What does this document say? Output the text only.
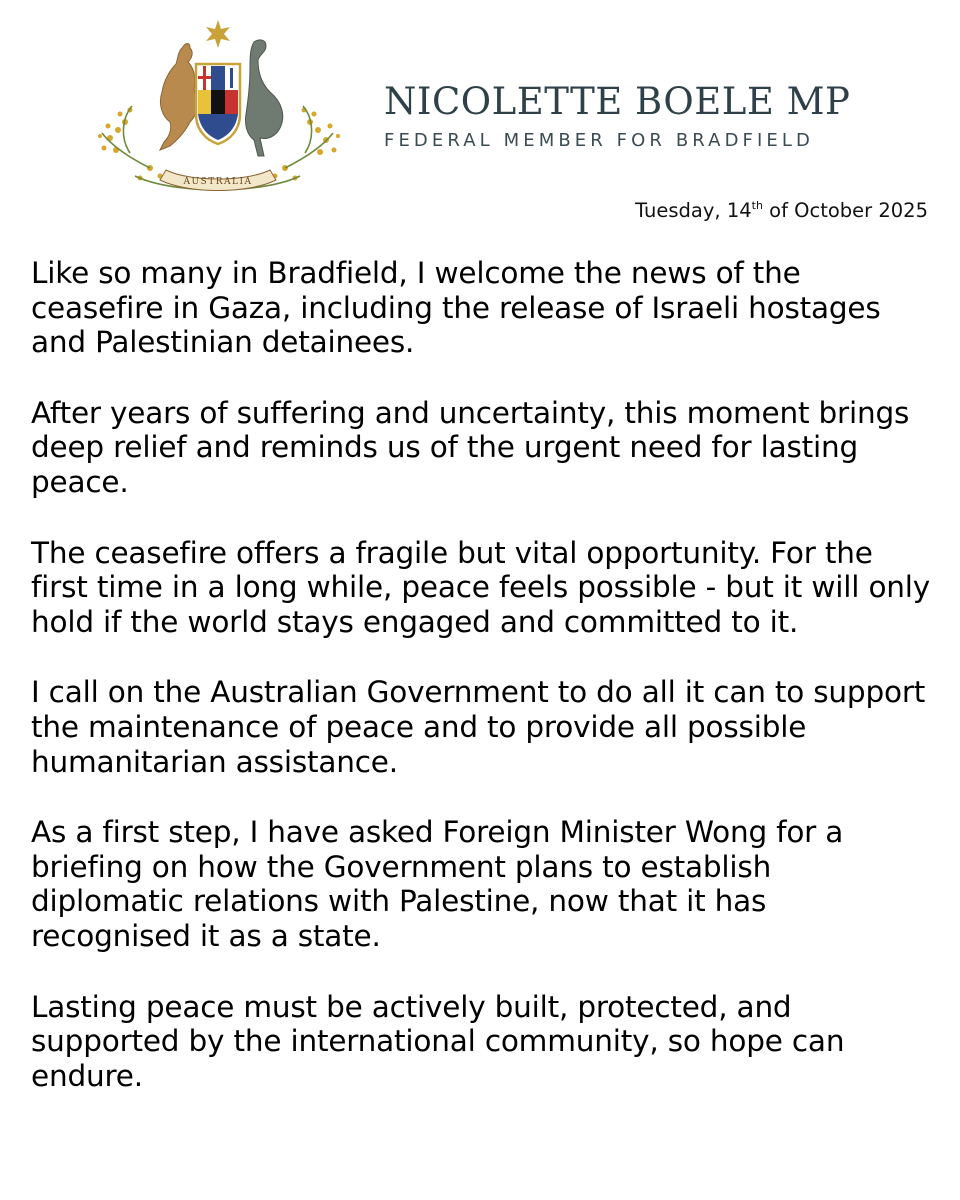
AUSTRALIA
NICOLETTE BOELE MP
FEDERAL MEMBER FOR BRADFIELD
Tuesday, 14th of October 2025

Like so many in Bradfield, I welcome the news of the ceasefire in Gaza, including the release of Israeli hostages and Palestinian detainees.

After years of suffering and uncertainty, this moment brings deep relief and reminds us of the urgent need for lasting peace.

The ceasefire offers a fragile but vital opportunity. For the first time in a long while, peace feels possible - but it will only hold if the world stays engaged and committed to it.

I call on the Australian Government to do all it can to support the maintenance of peace and to provide all possible humanitarian assistance.

As a first step, I have asked Foreign Minister Wong for a briefing on how the Government plans to establish diplomatic relations with Palestine, now that it has recognised it as a state.

Lasting peace must be actively built, protected, and supported by the international community, so hope can endure.
